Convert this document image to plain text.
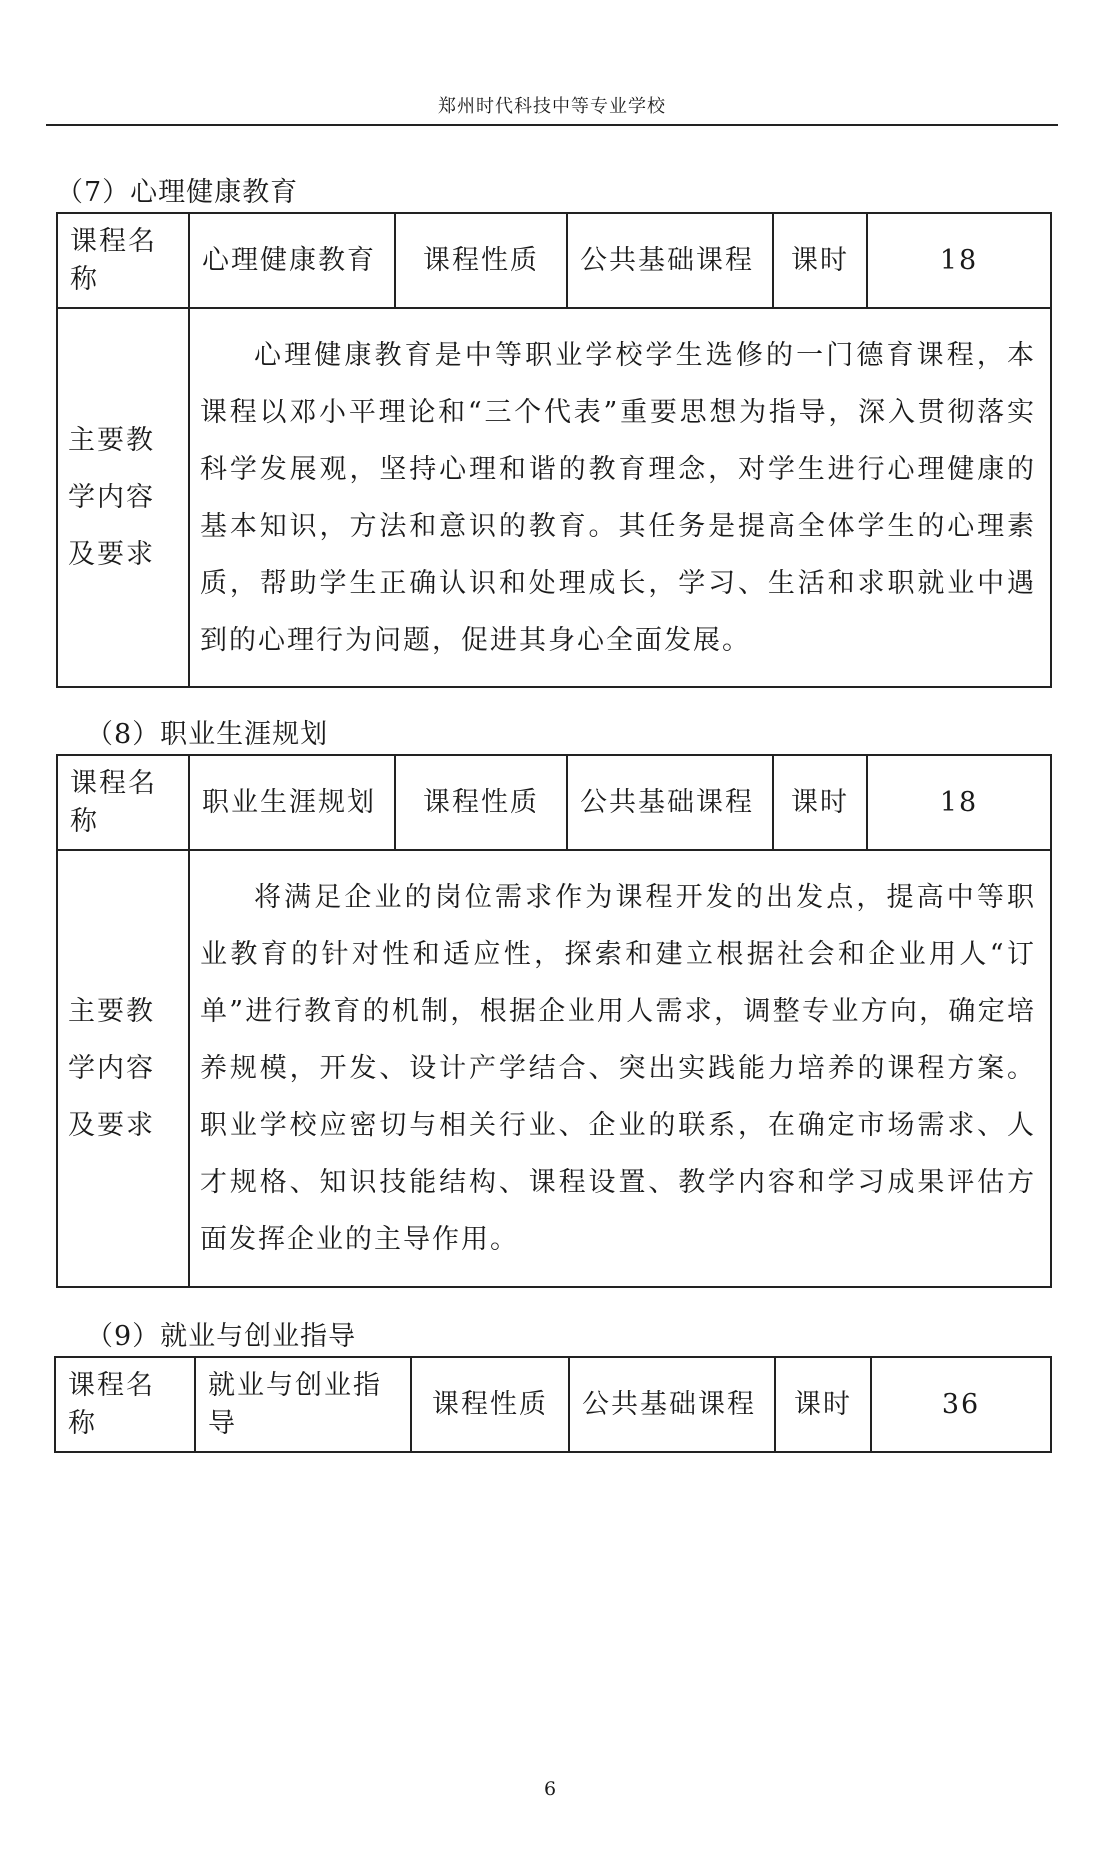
郑州时代科技中等专业学校
（7）心理健康教育
课程名称	心理健康教育	课程性质	公共基础课程	课时	18
主要教学内容及要求	心理健康教育是中等职业学校学生选修的一门德育课程，本课程以邓小平理论和“三个代表”重要思想为指导，深入贯彻落实科学发展观，坚持心理和谐的教育理念，对学生进行心理健康的基本知识，方法和意识的教育。其任务是提高全体学生的心理素质，帮助学生正确认识和处理成长，学习、生活和求职就业中遇到的心理行为问题，促进其身心全面发展。				
（8）职业生涯规划
课程名称	职业生涯规划	课程性质	公共基础课程	课时	18
主要教学内容及要求	将满足企业的岗位需求作为课程开发的出发点，提高中等职业教育的针对性和适应性，探索和建立根据社会和企业用人“订单”进行教育的机制，根据企业用人需求，调整专业方向，确定培养规模，开发、设计产学结合、突出实践能力培养的课程方案。职业学校应密切与相关行业、企业的联系，在确定市场需求、人才规格、知识技能结构、课程设置、教学内容和学习成果评估方面发挥企业的主导作用。				
（9）就业与创业指导
课程名称	就业与创业指导	课程性质	公共基础课程	课时	36
6
